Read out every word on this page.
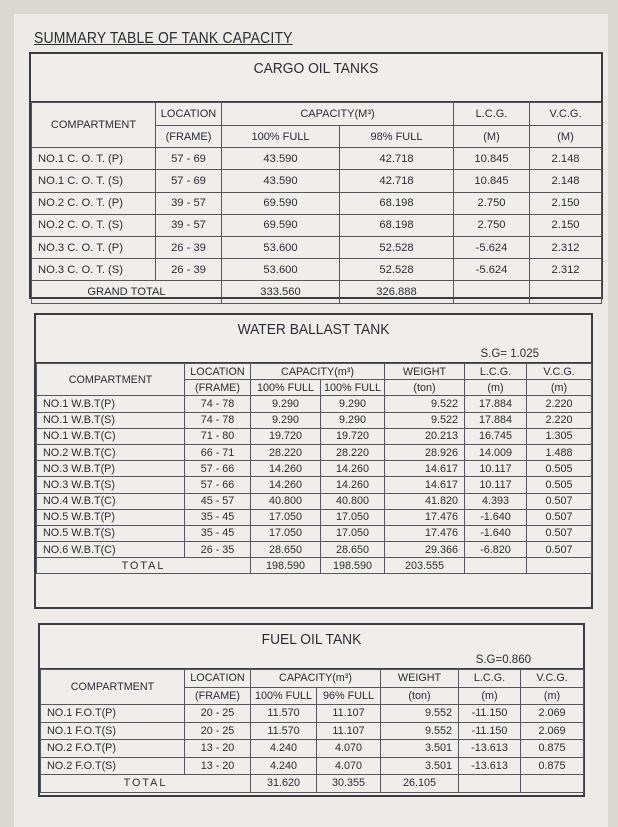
SUMMARY TABLE OF TANK CAPACITY
CARGO OIL TANKS
COMPARTMENT	LOCATION	CAPACITY(M³)		L.C.G.	V.C.G.
	(FRAME)	100% FULL	98% FULL	(M)	(M)
NO.1 C. O. T. (P)	57 - 69	43.590	42.718	10.845	2.148
NO.1 C. O. T. (S)	57 - 69	43.590	42.718	10.845	2.148
NO.2 C. O. T. (P)	39 - 57	69.590	68.198	2.750	2.150
NO.2 C. O. T. (S)	39 - 57	69.590	68.198	2.750	2.150
NO.3 C. O. T. (P)	26 - 39	53.600	52.528	-5.624	2.312
NO.3 C. O. T. (S)	26 - 39	53.600	52.528	-5.624	2.312
GRAND TOTAL		333.560	326.888		
WATER BALLAST TANK
S.G= 1.025
COMPARTMENT	LOCATION	CAPACITY(m³)		WEIGHT	L.C.G.	V.C.G.
	(FRAME)	100% FULL	100% FULL	(ton)	(m)	(m)
NO.1 W.B.T(P)	74 - 78	9.290	9.290	9.522	17.884	2.220
NO.1 W.B.T(S)	74 - 78	9.290	9.290	9.522	17.884	2.220
NO.1 W.B.T(C)	71 - 80	19.720	19.720	20.213	16.745	1.305
NO.2 W.B.T(C)	66 - 71	28.220	28.220	28.926	14.009	1.488
NO.3 W.B.T(P)	57 - 66	14.260	14.260	14.617	10.117	0.505
NO.3 W.B.T(S)	57 - 66	14.260	14.260	14.617	10.117	0.505
NO.4 W.B.T(C)	45 - 57	40.800	40.800	41.820	4.393	0.507
NO.5 W.B.T(P)	35 - 45	17.050	17.050	17.476	-1.640	0.507
NO.5 W.B.T(S)	35 - 45	17.050	17.050	17.476	-1.640	0.507
NO.6 W.B.T(C)	26 - 35	28.650	28.650	29.366	-6.820	0.507
TOTAL		198.590	198.590	203.555		
FUEL OIL TANK
S.G=0.860
COMPARTMENT	LOCATION	CAPACITY(m³)		WEIGHT	L.C.G.	V.C.G.
	(FRAME)	100% FULL	96% FULL	(ton)	(m)	(m)
NO.1 F.O.T(P)	20 - 25	11.570	11.107	9.552	-11.150	2.069
NO.1 F.O.T(S)	20 - 25	11.570	11.107	9.552	-11.150	2.069
NO.2 F.O.T(P)	13 - 20	4.240	4.070	3.501	-13.613	0.875
NO.2 F.O.T(S)	13 - 20	4.240	4.070	3.501	-13.613	0.875
TOTAL		31.620	30.355	26.105		
